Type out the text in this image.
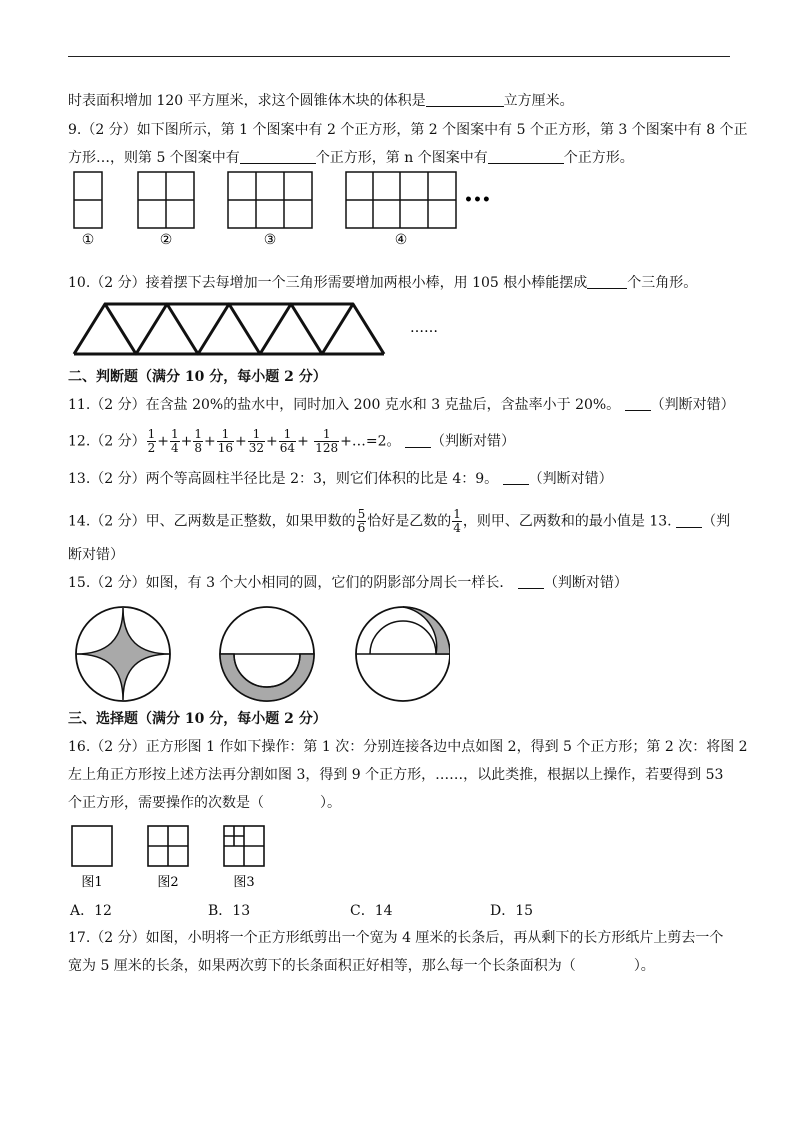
时表面积增加 120 平方厘米，求这个圆锥体木块的体积是	立方厘米。
9.（2 分）如下图所示，第 1 个图案中有 2 个正方形，第 2 个图案中有 5 个正方形，第 3 个图案中有 8 个正
方形…，则第 5 个图案中有	个正方形，第 n 个图案中有	个正方形。
①	②	③	④
•••
10.（2 分）接着摆下去每增加一个三角形需要增加两根小棒，用 105 根小棒能摆成	个三角形。
……
二、判断题（满分 10 分，每小题 2 分）
11.（2 分）在含盐 20%的盐水中，同时加入 200 克水和 3 克盐后，含盐率小于 20%。 （判断对错）
12.（2 分） $\frac{1}{2} + \frac{1}{4} + \frac{1}{8} + \frac{1}{16} + \frac{1}{32} + \frac{1}{64} + \frac{1}{128}$ +…=2。 （判断对错）
13.（2 分）两个等高圆柱半径比是 2：3，则它们体积的比是 4：9。 （判断对错）
14.（2 分）甲、乙两数是正整数，如果甲数的 $\frac{5}{6}$ 恰好是乙数的 $\frac{1}{4}$ ，则甲、乙两数和的最小值是 13. （判
断对错）
15.（2 分）如图，有 3 个大小相同的圆，它们的阴影部分周长一样长． （判断对错）
三、选择题（满分 10 分，每小题 2 分）
16.（2 分）正方形图 1 作如下操作：第 1 次：分别连接各边中点如图 2，得到 5 个正方形；第 2 次：将图 2
左上角正方形按上述方法再分割如图 3，得到 9 个正方形，……，以此类推，根据以上操作，若要得到 53
个正方形，需要操作的次数是（	）。
图1	图2	图3
A．12	B．13	C．14	D．15
17.（2 分）如图，小明将一个正方形纸剪出一个宽为 4 厘米的长条后，再从剩下的长方形纸片上剪去一个
宽为 5 厘米的长条，如果两次剪下的长条面积正好相等，那么每一个长条面积为（	）。
